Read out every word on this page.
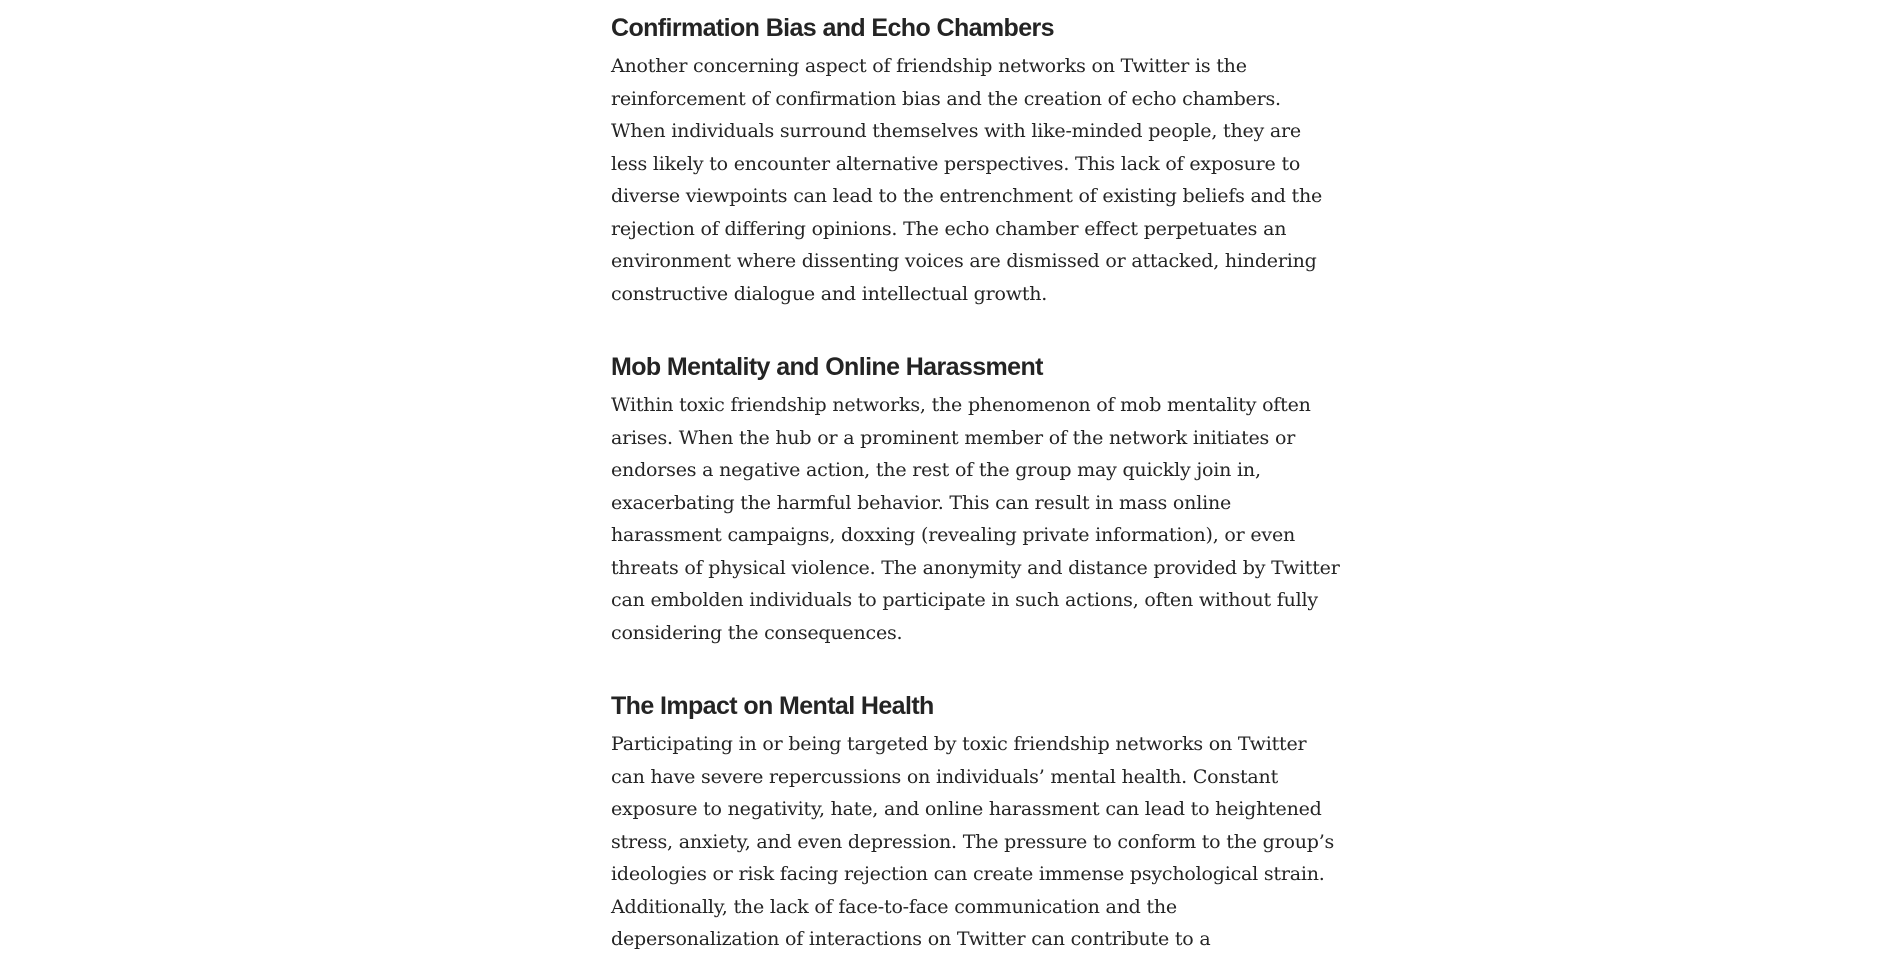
Confirmation Bias and Echo Chambers

Another concerning aspect of friendship networks on Twitter is the
reinforcement of confirmation bias and the creation of echo chambers.
When individuals surround themselves with like-minded people, they are
less likely to encounter alternative perspectives. This lack of exposure to
diverse viewpoints can lead to the entrenchment of existing beliefs and the
rejection of differing opinions. The echo chamber effect perpetuates an
environment where dissenting voices are dismissed or attacked, hindering
constructive dialogue and intellectual growth.

Mob Mentality and Online Harassment

Within toxic friendship networks, the phenomenon of mob mentality often
arises. When the hub or a prominent member of the network initiates or
endorses a negative action, the rest of the group may quickly join in,
exacerbating the harmful behavior. This can result in mass online
harassment campaigns, doxxing (revealing private information), or even
threats of physical violence. The anonymity and distance provided by Twitter
can embolden individuals to participate in such actions, often without fully
considering the consequences.

The Impact on Mental Health

Participating in or being targeted by toxic friendship networks on Twitter
can have severe repercussions on individuals’ mental health. Constant
exposure to negativity, hate, and online harassment can lead to heightened
stress, anxiety, and even depression. The pressure to conform to the group’s
ideologies or risk facing rejection can create immense psychological strain.
Additionally, the lack of face-to-face communication and the
depersonalization of interactions on Twitter can contribute to a
